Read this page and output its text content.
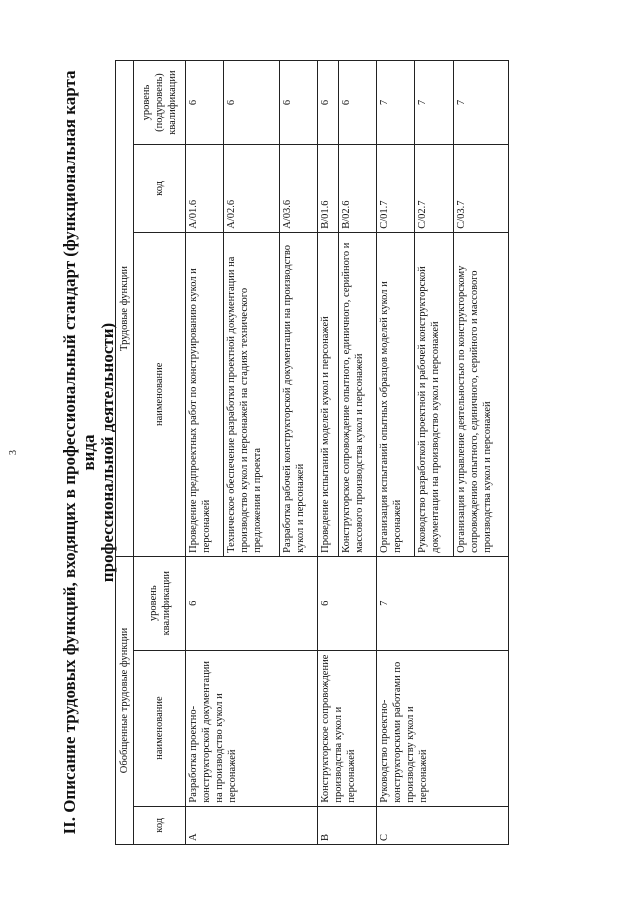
3 II. Описание трудовых функций, входящих в профессиональный стандарт (функциональная карта вида профессиональной деятельности)
Обобщенные трудовые функции			Трудовые функции		
код	наименование	уровень квалификации	наименование	код	уровень (подуровень) квалификации
A	Разработка проектно-конструкторской документации на производство кукол и персонажей	6	Проведение предпроектных работ по конструированию кукол и персонажей	A/01.6	6
			Техническое обеспечение разработки проектной документации на производство кукол и персонажей на стадиях технического предложения и проекта	A/02.6	6
			Разработка рабочей конструкторской документации на производство кукол и персонажей	A/03.6	6
B	Конструкторское сопровождение производства кукол и персонажей	6	Проведение испытаний моделей кукол и персонажей	B/01.6	6
			Конструкторское сопровождение опытного, единичного, серийного и массового производства кукол и персонажей	B/02.6	6
C	Руководство проектно-конструкторскими работами по производству кукол и персонажей	7	Организация испытаний опытных образцов моделей кукол и персонажей	C/01.7	7
			Руководство разработкой проектной и рабочей конструкторской документации на производство кукол и персонажей	C/02.7	7
			Организация и управление деятельностью по конструкторскому сопровождению опытного, единичного, серийного и массового производства кукол и персонажей	C/03.7	7
